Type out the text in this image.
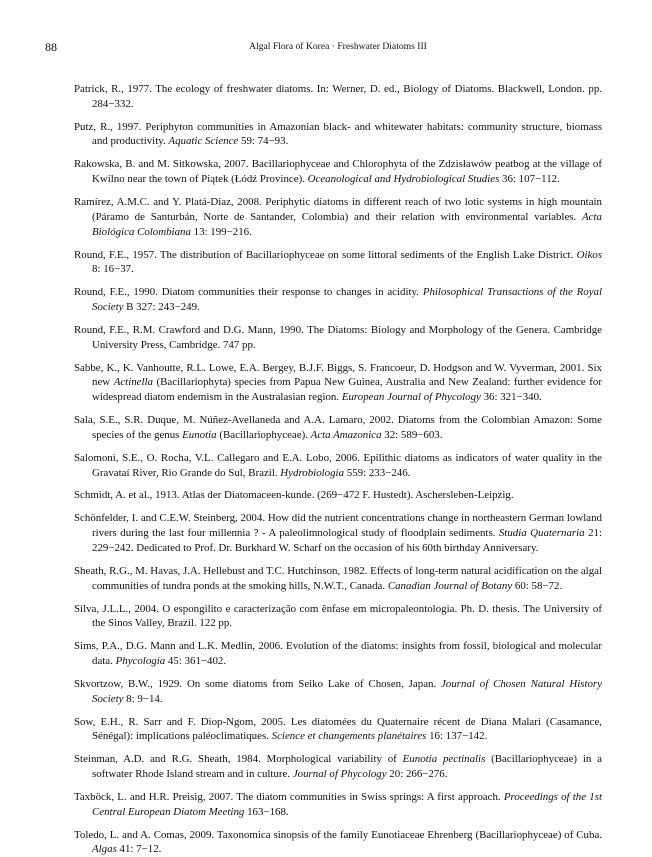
88	Algal Flora of Korea · Freshwater Diatoms III
Patrick, R., 1977. The ecology of freshwater diatoms. In: Werner, D. ed., Biology of Diatoms. Blackwell, London. pp. 284−332.
Putz, R., 1997. Periphyton communities in Amazonian black- and whitewater habitats: community structure, biomass and productivity. Aquatic Science 59: 74−93.
Rakowska, B. and M. Sitkowska, 2007. Bacillariophyceae and Chlorophyta of the Zdzisławów peatbog at the village of Kwilno near the town of Piątek (Łódź Province). Oceanological and Hydrobiological Studies 36: 107−112.
Ramírez, A.M.C. and Y. Platá-Diaz, 2008. Periphytic diatoms in different reach of two lotic systems in high mountain (Páramo de Santurbán, Norte de Santander, Colombia) and their relation with environmental variables. Acta Biológica Colombiana 13: 199−216.
Round, F.E., 1957. The distribution of Bacillariophyceae on some littoral sediments of the English Lake District. Oikos 8: 16−37.
Round, F.E., 1990. Diatom communities their response to changes in acidity. Philosophical Transactions of the Royal Society B 327: 243−249.
Round, F.E., R.M. Crawford and D.G. Mann, 1990. The Diatoms: Biology and Morphology of the Genera. Cambridge University Press, Cambridge. 747 pp.
Sabbe, K., K. Vanhoutte, R.L. Lowe, E.A. Bergey, B.J.F. Biggs, S. Francoeur, D. Hodgson and W. Vyverman, 2001. Six new Actinella (Bacillariophyta) species from Papua New Guinea, Australia and New Zealand: further evidence for widespread diatom endemism in the Australasian region. European Journal of Phycology 36: 321−340.
Sala, S.E., S.R. Duque, M. Núñez-Avellaneda and A.A. Lamaro, 2002. Diatoms from the Colombian Amazon: Some species of the genus Eunotia (Bacillariophyceae). Acta Amazonica 32: 589−603.
Salomoni, S.E., O. Rocha, V.L. Callegaro and E.A. Lobo, 2006. Epilithic diatoms as indicators of water quality in the Gravataí River, Rio Grande do Sul, Brazil. Hydrobiologia 559: 233−246.
Schmidt, A. et al., 1913. Atlas der Diatomaceen-kunde. (269−472 F. Hustedt). Aschersleben-Leipzig.
Schönfelder, I. and C.E.W. Steinberg, 2004. How did the nutrient concentrations change in northeastern German lowland rivers during the last four millennia ? - A paleolimnological study of floodplain sediments. Studia Quaternaria 21: 229−242. Dedicated to Prof. Dr. Burkhard W. Scharf on the occasion of his 60th birthday Anniversary.
Sheath, R.G., M. Havas, J.A. Hellebust and T.C. Hutchinson, 1982. Effects of long-term natural acidification on the algal communities of tundra ponds at the smoking hills, N.W.T., Canada. Canadian Journal of Botany 60: 58−72.
Silva, J.L.L., 2004. O espongilito e caracterização com ênfase em micropaleontologia. Ph. D. thesis. The University of the Sinos Valley, Brazil. 122 pp.
Sims, P.A., D.G. Mann and L.K. Medlin, 2006. Evolution of the diatoms: insights from fossil, biological and molecular data. Phycologia 45: 361−402.
Skvortzow, B.W., 1929. On some diatoms from Seiko Lake of Chosen, Japan. Journal of Chosen Natural History Society 8: 9−14.
Sow, E.H., R. Sarr and F. Diop-Ngom, 2005. Les diatomées du Quaternaire récent de Diana Malari (Casamance, Sénégal): implications paléoclimatiques. Science et changements planétaires 16: 137−142.
Steinman, A.D. and R.G. Sheath, 1984. Morphological variability of Eunotia pectinalis (Bacillariophyceae) in a softwater Rhode Island stream and in culture. Journal of Phycology 20: 266−276.
Taxböck, L. and H.R. Preisig, 2007. The diatom communities in Swiss springs: A first approach. Proceedings of the 1st Central European Diatom Meeting 163−168.
Toledo, L. and A. Comas, 2009. Taxonomica sinopsis of the family Eunotiaceae Ehrenberg (Bacillariophyceae) of Cuba. Algas 41: 7−12.
